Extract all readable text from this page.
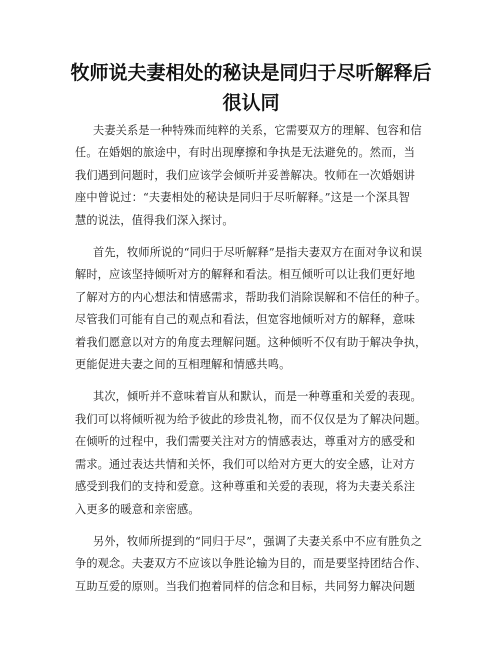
牧师说夫妻相处的秘诀是同归于尽听解释后
很认同

夫妻关系是一种特殊而纯粹的关系，它需要双方的理解、包容和信
任。在婚姻的旅途中，有时出现摩擦和争执是无法避免的。然而，当
我们遇到问题时，我们应该学会倾听并妥善解决。牧师在一次婚姻讲
座中曾说过：“夫妻相处的秘诀是同归于尽听解释。”这是一个深具智
慧的说法，值得我们深入探讨。

首先，牧师所说的“同归于尽听解释”是指夫妻双方在面对争议和误
解时，应该坚持倾听对方的解释和看法。相互倾听可以让我们更好地
了解对方的内心想法和情感需求，帮助我们消除误解和不信任的种子。
尽管我们可能有自己的观点和看法，但宽容地倾听对方的解释，意味
着我们愿意以对方的角度去理解问题。这种倾听不仅有助于解决争执，
更能促进夫妻之间的互相理解和情感共鸣。

其次，倾听并不意味着盲从和默认，而是一种尊重和关爱的表现。
我们可以将倾听视为给予彼此的珍贵礼物，而不仅仅是为了解决问题。
在倾听的过程中，我们需要关注对方的情感表达，尊重对方的感受和
需求。通过表达共情和关怀，我们可以给对方更大的安全感，让对方
感受到我们的支持和爱意。这种尊重和关爱的表现，将为夫妻关系注
入更多的暖意和亲密感。

另外，牧师所提到的“同归于尽”，强调了夫妻关系中不应有胜负之
争的观念。夫妻双方不应该以争胜论输为目的，而是要坚持团结合作、
互助互爱的原则。当我们抱着同样的信念和目标，共同努力解决问题
